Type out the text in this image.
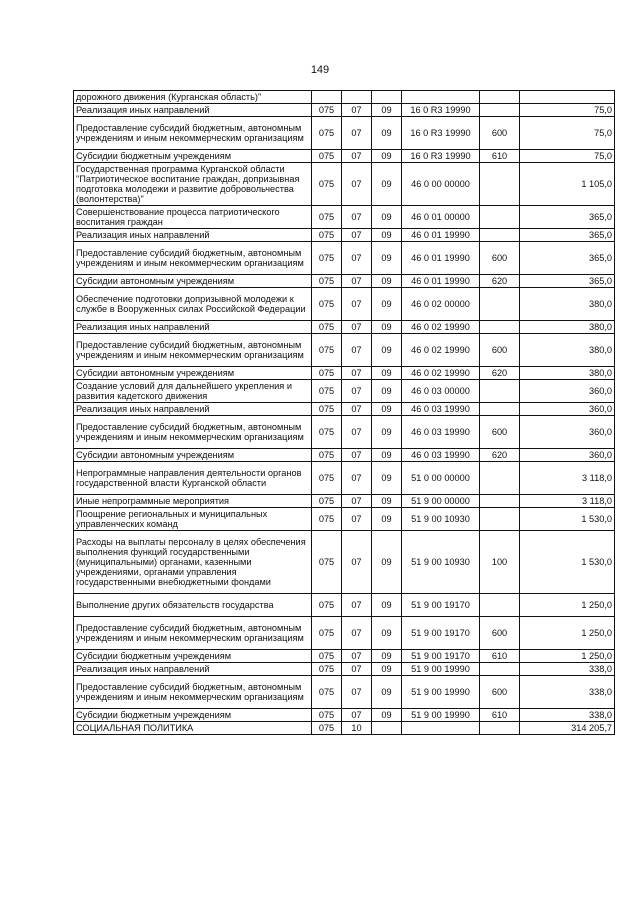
149
дорожного движения (Курганская область)"						
Реализация иных направлений	075	07	09	16 0 R3 19990		75,0
Предоставление субсидий бюджетным, автономным учреждениям и иным некоммерческим организациям	075	07	09	16 0 R3 19990	600	75,0
Субсидии бюджетным учреждениям	075	07	09	16 0 R3 19990	610	75,0
Государственная программа Курганской области "Патриотическое воспитание граждан, допризывная подготовка молодежи и развитие добровольчества (волонтерства)"	075	07	09	46 0 00 00000		1 105,0
Совершенствование процесса патриотического воспитания граждан	075	07	09	46 0 01 00000		365,0
Реализация иных направлений	075	07	09	46 0 01 19990		365,0
Предоставление субсидий бюджетным, автономным учреждениям и иным некоммерческим организациям	075	07	09	46 0 01 19990	600	365,0
Субсидии автономным учреждениям	075	07	09	46 0 01 19990	620	365,0
Обеспечение подготовки допризывной молодежи к службе в Вооруженных силах Российской Федерации	075	07	09	46 0 02 00000		380,0
Реализация иных направлений	075	07	09	46 0 02 19990		380,0
Предоставление субсидий бюджетным, автономным учреждениям и иным некоммерческим организациям	075	07	09	46 0 02 19990	600	380,0
Субсидии автономным учреждениям	075	07	09	46 0 02 19990	620	380,0
Создание условий для дальнейшего укрепления и развития кадетского движения	075	07	09	46 0 03 00000		360,0
Реализация иных направлений	075	07	09	46 0 03 19990		360,0
Предоставление субсидий бюджетным, автономным учреждениям и иным некоммерческим организациям	075	07	09	46 0 03 19990	600	360,0
Субсидии автономным учреждениям	075	07	09	46 0 03 19990	620	360,0
Непрограммные направления деятельности органов государственной власти Курганской области	075	07	09	51 0 00 00000		3 118,0
Иные непрограммные мероприятия	075	07	09	51 9 00 00000		3 118,0
Поощрение региональных и муниципальных управленческих команд	075	07	09	51 9 00 10930		1 530,0
Расходы на выплаты персоналу в целях обеспечения выполнения функций государственными (муниципальными) органами, казенными учреждениями, органами управления государственными внебюджетными фондами	075	07	09	51 9 00 10930	100	1 530,0
Выполнение других обязательств государства	075	07	09	51 9 00 19170		1 250,0
Предоставление субсидий бюджетным, автономным учреждениям и иным некоммерческим организациям	075	07	09	51 9 00 19170	600	1 250,0
Субсидии бюджетным учреждениям	075	07	09	51 9 00 19170	610	1 250,0
Реализация иных направлений	075	07	09	51 9 00 19990		338,0
Предоставление субсидий бюджетным, автономным учреждениям и иным некоммерческим организациям	075	07	09	51 9 00 19990	600	338,0
Субсидии бюджетным учреждениям	075	07	09	51 9 00 19990	610	338,0
СОЦИАЛЬНАЯ ПОЛИТИКА	075	10				314 205,7
